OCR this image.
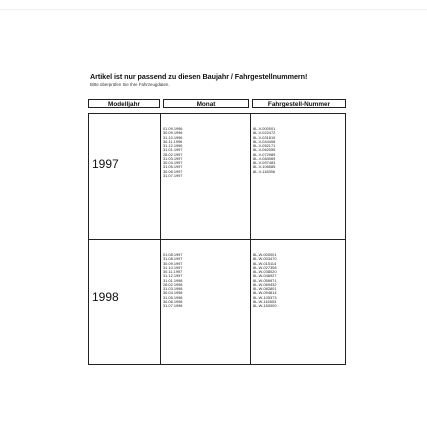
Artikel ist nur passend zu diesen Baujahr / Fahrgestellnummern!
Bitte überprüfen Sie Ihre Fahrzeugdaten.
Modelljahr	Monat	Fahrgestell-Nummer
1997
01.09.1996
30.09.1996
31.10.1996
30.11.1996
31.12.1996
31.01.1997
28.02.1997
31.03.1997
30.04.1997
31.05.1997
30.06.1997
31.07.1997
8L-V-000001
8L-V-022472
8L-V-031819
8L-V-044408
8L-V-052171
8L-V-062055
8L-V-072989
8L-V-084069
8L-V-097483
8L-V-106585
8L-V-118396
1998
01.08.1997
31.08.1997
30.09.1997
31.10.1997
30.11.1997
31.12.1997
31.01.1998
28.02.1998
31.03.1998
30.04.1998
31.05.1998
30.06.1998
31.07.1998
8L-W-000001
8L-W-003470
8L-W-015114
8L-W-027308
8L-W-038020
8L-W-046927
8L-W-056971
8L-W-069432
8L-W-082801
8L-W-094814
8L-W-105373
8L-W-116503
8L-W-150000
